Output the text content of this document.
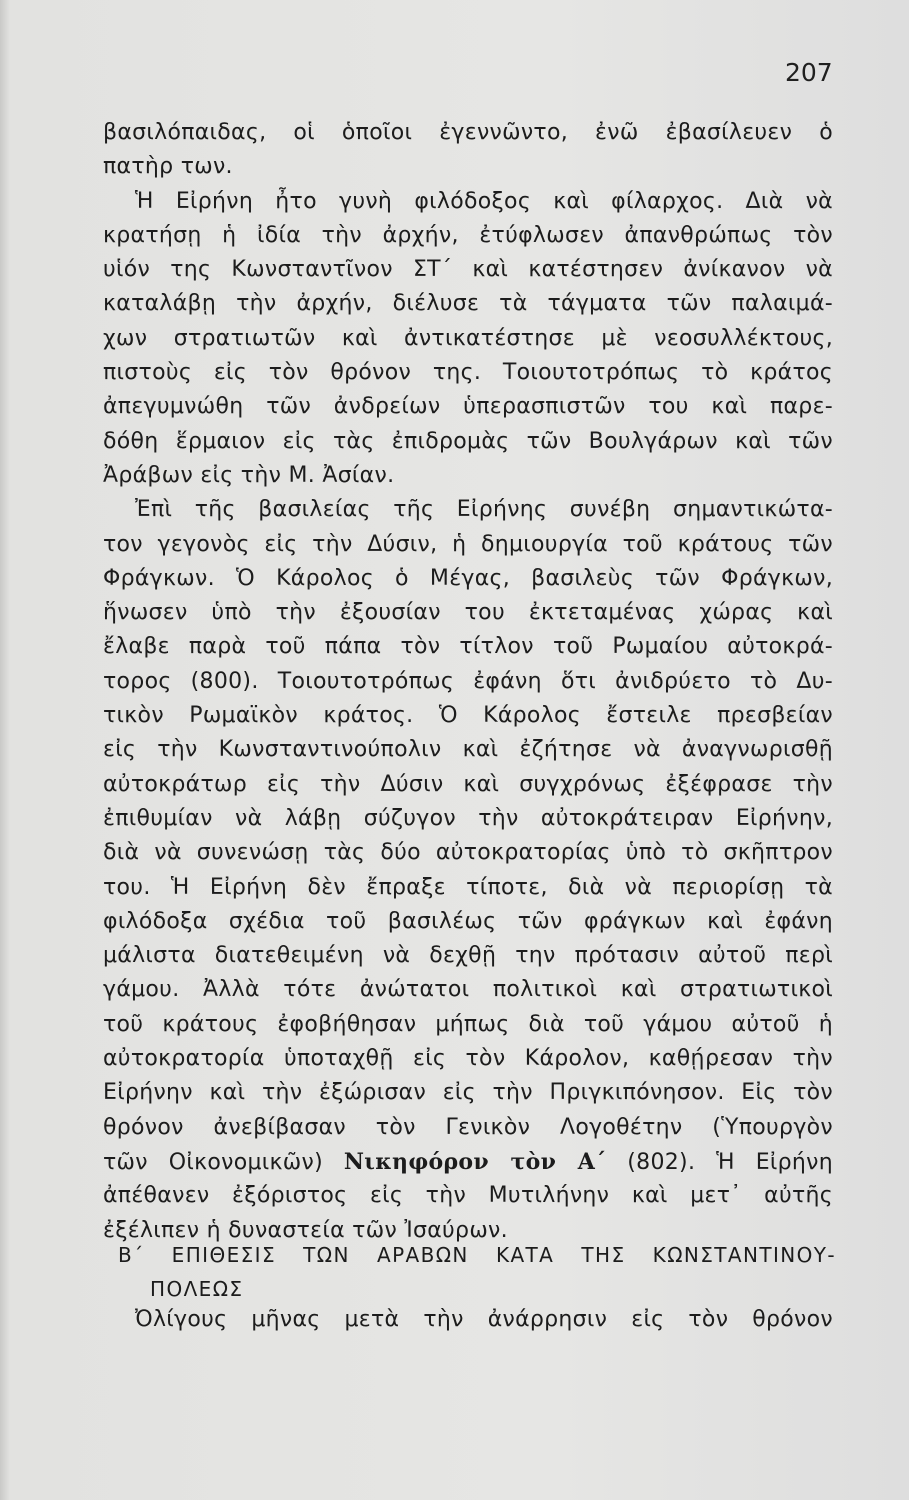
207
βασιλόπαιδας, οἱ ὁποῖοι ἐγεννῶντο, ἐνῶ ἐβασίλευεν ὁ
πατὴρ των.
Ἡ Εἰρήνη ἦτο γυνὴ φιλόδοξος καὶ φίλαρχος. Διὰ νὰ
κρατήσῃ ἡ ἰδία τὴν ἀρχήν, ἐτύφλωσεν ἀπανθρώπως τὸν
υἱόν της Κωνσταντῖνον ΣΤ΄ καὶ κατέστησεν ἀνίκανον νὰ
καταλάβῃ τὴν ἀρχήν, διέλυσε τὰ τάγματα τῶν παλαιμά-
χων στρατιωτῶν καὶ ἀντικατέστησε μὲ νεοσυλλέκτους,
πιστοὺς εἰς τὸν θρόνον της. Τοιουτοτρόπως τὸ κράτος
ἀπεγυμνώθη τῶν ἀνδρείων ὑπερασπιστῶν του καὶ παρε-
δόθη ἕρμαιον εἰς τὰς ἐπιδρομὰς τῶν Βουλγάρων καὶ τῶν
Ἀράβων εἰς τὴν Μ. Ἀσίαν.
Ἐπὶ τῆς βασιλείας τῆς Εἰρήνης συνέβη σημαντικώτα-
τον γεγονὸς εἰς τὴν Δύσιν, ἡ δημιουργία τοῦ κράτους τῶν
Φράγκων. Ὁ Κάρολος ὁ Μέγας, βασιλεὺς τῶν Φράγκων,
ἥνωσεν ὑπὸ τὴν ἐξουσίαν του ἐκτεταμένας χώρας καὶ
ἔλαβε παρὰ τοῦ πάπα τὸν τίτλον τοῦ Ρωμαίου αὐτοκρά-
τορος (800). Τοιουτοτρόπως ἐφάνη ὅτι ἀνιδρύετο τὸ Δυ-
τικὸν Ρωμαϊκὸν κράτος. Ὁ Κάρολος ἔστειλε πρεσβείαν
εἰς τὴν Κωνσταντινούπολιν καὶ ἐζήτησε νὰ ἀναγνωρισθῇ
αὐτοκράτωρ εἰς τὴν Δύσιν καὶ συγχρόνως ἐξέφρασε τὴν
ἐπιθυμίαν νὰ λάβῃ σύζυγον τὴν αὐτοκράτειραν Εἰρήνην,
διὰ νὰ συνενώσῃ τὰς δύο αὐτοκρατορίας ὑπὸ τὸ σκῆπτρον
του. Ἡ Εἰρήνη δὲν ἔπραξε τίποτε, διὰ νὰ περιορίσῃ τὰ
φιλόδοξα σχέδια τοῦ βασιλέως τῶν φράγκων καὶ ἐφάνη
μάλιστα διατεθειμένη νὰ δεχθῇ την πρότασιν αὐτοῦ περὶ
γάμου. Ἀλλὰ τότε ἀνώτατοι πολιτικοὶ καὶ στρατιωτικοὶ
τοῦ κράτους ἐφοβήθησαν μήπως διὰ τοῦ γάμου αὐτοῦ ἡ
αὐτοκρατορία ὑποταχθῇ εἰς τὸν Κάρολον, καθῄρεσαν τὴν
Εἰρήνην καὶ τὴν ἐξώρισαν εἰς τὴν Πριγκιπόνησον. Εἰς τὸν
θρόνον ἀνεβίβασαν τὸν Γενικὸν Λογοθέτην (Ὑπουργὸν
τῶν Οἰκονομικῶν) Νικηφόρον τὸν Α΄ (802). Ἡ Εἰρήνη
ἀπέθανεν ἐξόριστος εἰς τὴν Μυτιλήνην καὶ μετ᾽ αὐτῆς
ἐξέλιπεν ἡ δυναστεία τῶν Ἰσαύρων.
Β΄ ΕΠΙΘΕΣΙΣ ΤΩΝ ΑΡΑΒΩΝ ΚΑΤΑ ΤΗΣ ΚΩΝΣΤΑΝΤΙΝΟΥ-
ΠΟΛΕΩΣ
Ὀλίγους μῆνας μετὰ τὴν ἀνάρρησιν εἰς τὸν θρόνον
